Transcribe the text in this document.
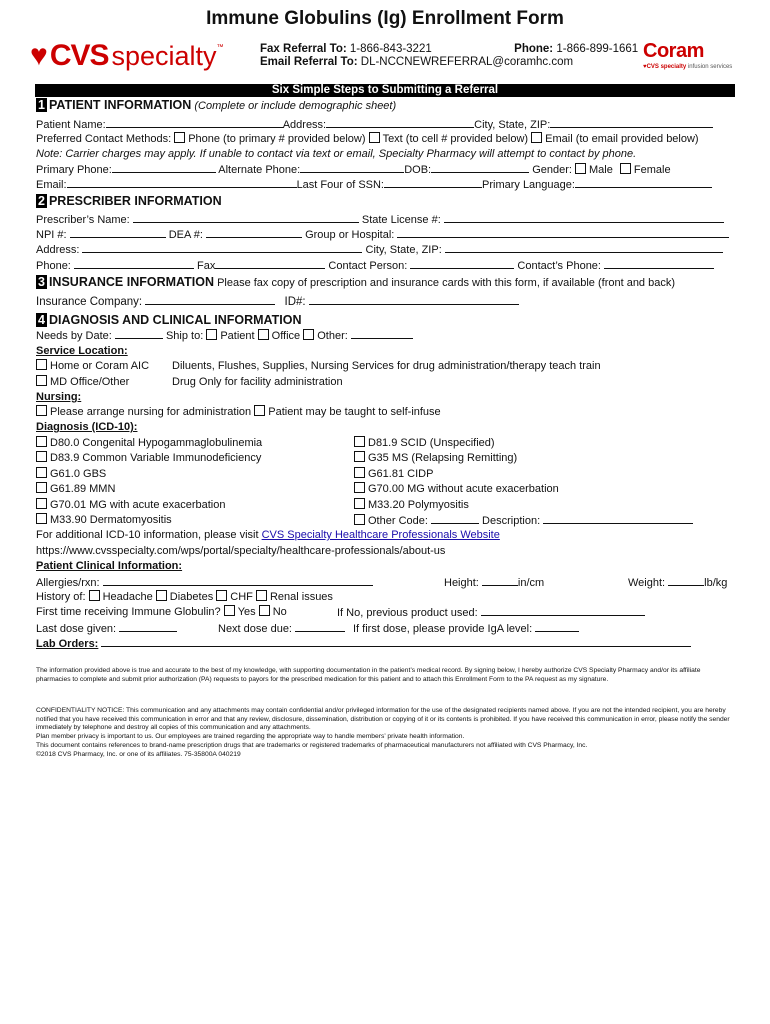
Immune Globulins (Ig) Enrollment Form
♥ CVS specialty ™	Fax Referral To: 1-866-843-3221	Phone: 1-866-899-1661
Email Referral To: DL-NCCNEWREFERRAL@coramhc.com	Coram
♥CVS specialty infusion services
Six Simple Steps to Submitting a Referral
1 PATIENT INFORMATION (Complete or include demographic sheet)
Patient Name:	Address:	City, State, ZIP:
Preferred Contact Methods: Phone (to primary # provided below) Text (to cell # provided below) Email (to email provided below)
Note: Carrier charges may apply. If unable to contact via text or email, Specialty Pharmacy will attempt to contact by phone.
Primary Phone:	Alternate Phone:	DOB:	Gender: Male Female
Email:	Last Four of SSN:	Primary Language:
2 PRESCRIBER INFORMATION
Prescriber’s Name:	State License #:
NPI #:	DEA #:	Group or Hospital:
Address:	City, State, ZIP:
Phone:	Fax	Contact Person:	Contact’s Phone:
3 INSURANCE INFORMATION Please fax copy of prescription and insurance cards with this form, if available (front and back)
Insurance Company:	ID#:
4 DIAGNOSIS AND CLINICAL INFORMATION
Needs by Date:	Ship to: Patient Office Other:
Service Location:
Home or Coram AIC Diluents, Flushes, Supplies, Nursing Services for drug administration/therapy teach train
MD Office/Other	Drug Only for facility administration
Nursing:
Please arrange nursing for administration Patient may be taught to self-infuse
Diagnosis (ICD-10):
D80.0 Congenital Hypogammaglobulinemia
D83.9 Common Variable Immunodeficiency
G61.0 GBS
G61.89 MMN
G70.01 MG with acute exacerbation
M33.90 Dermatomyositis
D81.9 SCID (Unspecified)
G35 MS (Relapsing Remitting)
G61.81 CIDP
G70.00 MG without acute exacerbation
M33.20 Polymyositis
Other Code:	Description:
For additional ICD-10 information, please visit CVS Specialty Healthcare Professionals Website
https://www.cvsspecialty.com/wps/portal/specialty/healthcare-professionals/about-us
Patient Clinical Information:
Allergies/rxn:	Height:	in/cm	Weight:	lb/kg
History of: Headache Diabetes CHF Renal issues
First time receiving Immune Globulin? Yes No	If No, previous product used:
Last dose given:	Next dose due:	If first dose, please provide IgA level:
Lab Orders:
The information provided above is true and accurate to the best of my knowledge, with supporting documentation in the patient’s medical record. By signing below, I hereby authorize CVS Specialty Pharmacy and/or its affiliate pharmacies to complete and submit prior authorization (PA) requests to payors for the prescribed medication for this patient and to attach this Enrollment Form to the PA request as my signature.
CONFIDENTIALITY NOTICE: This communication and any attachments may contain confidential and/or privileged information for the use of the designated recipients named above. If you are not the intended recipient, you are hereby notified that you have received this communication in error and that any review, disclosure, dissemination, distribution or copying of it or its contents is prohibited. If you have received this communication in error, please notify the sender immediately by telephone and destroy all copies of this communication and any attachments.
Plan member privacy is important to us. Our employees are trained regarding the appropriate way to handle members’ private health information.
This document contains references to brand-name prescription drugs that are trademarks or registered trademarks of pharmaceutical manufacturers not affiliated with CVS Pharmacy, Inc.
©2018 CVS Pharmacy, Inc. or one of its affiliates. 75-35800A 040219
